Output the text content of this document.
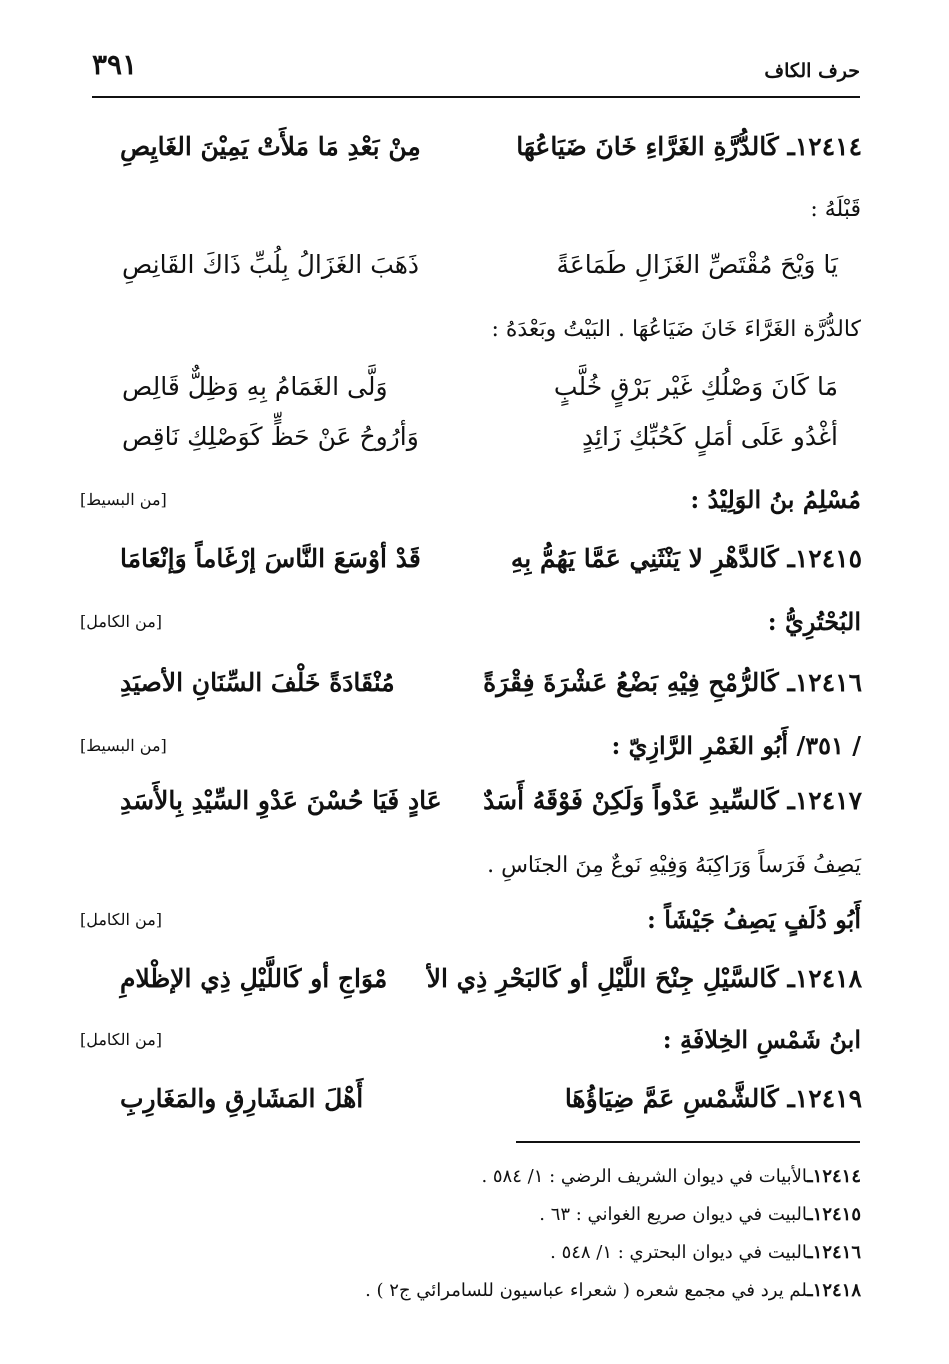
حرف الكاف
٣٩١
١٢٤١٤ـ كَالدُّرَّةِ الغَرَّاءِ خَانَ ضَيَاعُهَا
مِنْ بَعْدِ مَا مَلأَتْ يَمِيْنَ الغَايِصِ
قَبْلَهُ :
يَا وَيْحَ مُقْتَصِّ الغَزَالِ طَمَاعَةً
ذَهَبَ الغَزَالُ بِلُبِّ ذَاكَ القَانِصِ
كالدُّرَّة الغَرَّاءَ خَانَ ضَيَاعُهَا . البَيْتُ وبَعْدَهُ :
مَا كَانَ وَصْلُكِ غَيْر بَرْقٍ خُلَّبٍ
وَلَّى الغَمَامُ بِهِ وَظِلٌّ قَالِص
أغْدُو عَلَى أمَلٍ كَحُبِّكِ زَائِدٍ
وَأرُوحُ عَنْ حَظٍّ كَوَصْلِكِ نَاقِص
مُسْلِمُ بنُ الوَلِيْدُ :
[من البسيط]
١٢٤١٥ـ كَالدَّهْرِ لا يَنْثَنِي عَمَّا يَهُمُّ بِهِ
قَدْ أوْسَعَ النَّاسَ إرْغَاماً وَإنْعَامَا
البُحْتُرِيُّ :
[من الكامل]
١٢٤١٦ـ كَالرُّمْحِ فِيْهِ بَضْعُ عَشْرَةَ فِقْرَةً
مُنْقَادَةً خَلْفَ السِّنَانِ الأصيَدِ
/ ٣٥١/ أَبُو الغَمْرِ الرَّازِيّ :
[من البسيط]
١٢٤١٧ـ كَالسِّيدِ عَدْواً وَلَكِنْ فَوْقَهُ أَسَدٌ
عَادٍ فَيَا حُسْنَ عَدْوِ السِّيْدِ بِالأَسَدِ
يَصِفُ فَرَساً وَرَاكِبَهُ وَفِيْهِ نَوعٌ مِنَ الجنَاسِ .
أَبُو دُلَفٍ يَصِفُ جَيْشَاً :
[من الكامل]
١٢٤١٨ـ كَالسَّيْلِ جِنْحَ اللَّيْلِ أو كَالبَحْرِ ذِي الأ
مْوَاجِ أو كَاللَّيْلِ ذِي الإظْلامِ
ابنُ شَمْسِ الخِلافَةِ :
[من الكامل]
١٢٤١٩ـ كَالشَّمْسِ عَمَّ ضِيَاؤُهَا
أَهْلَ المَشَارِقِ والمَغَارِبِ
١٢٤١٤ـالأبيات في ديوان الشريف الرضي : ١/ ٥٨٤ .
١٢٤١٥ـالبيت في ديوان صريع الغواني : ٦٣ .
١٢٤١٦ـالبيت في ديوان البحتري : ١/ ٥٤٨ .
١٢٤١٨ـلم يرد في مجمع شعره ( شعراء عباسيون للسامرائي ج٢ ) .
